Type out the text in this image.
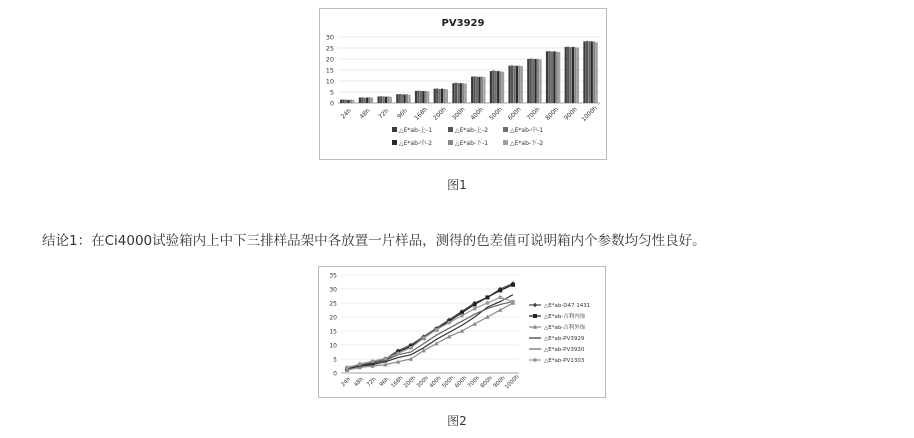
PV3929
0
5
10
15
20
25
30
24h 48h 72h 96h 168h 200h 300h 400h 500h 600h 700h 800h 900h 1000h
△E*ab-上-1	△E*ab-上-2	△E*ab-中-1
△E*ab-中-2	△E*ab-下-1	△E*ab-下-2
图1
结论1：在Ci4000试验箱内上中下三排样品架中各放置一片样品，测得的色差值可说明箱内个参数均匀性良好。
0
5
10
15
20
25
30
35
24h 48h 72h 96h 168h
200h
300h
400h
500h
600h
700h
800h
900h
1000h
△E*ab-D47 1431
△E*ab-吉利内饰
△E*ab-吉利外饰
△E*ab-PV3929
△E*ab-PV3930
△E*ab-PV1303
图2
